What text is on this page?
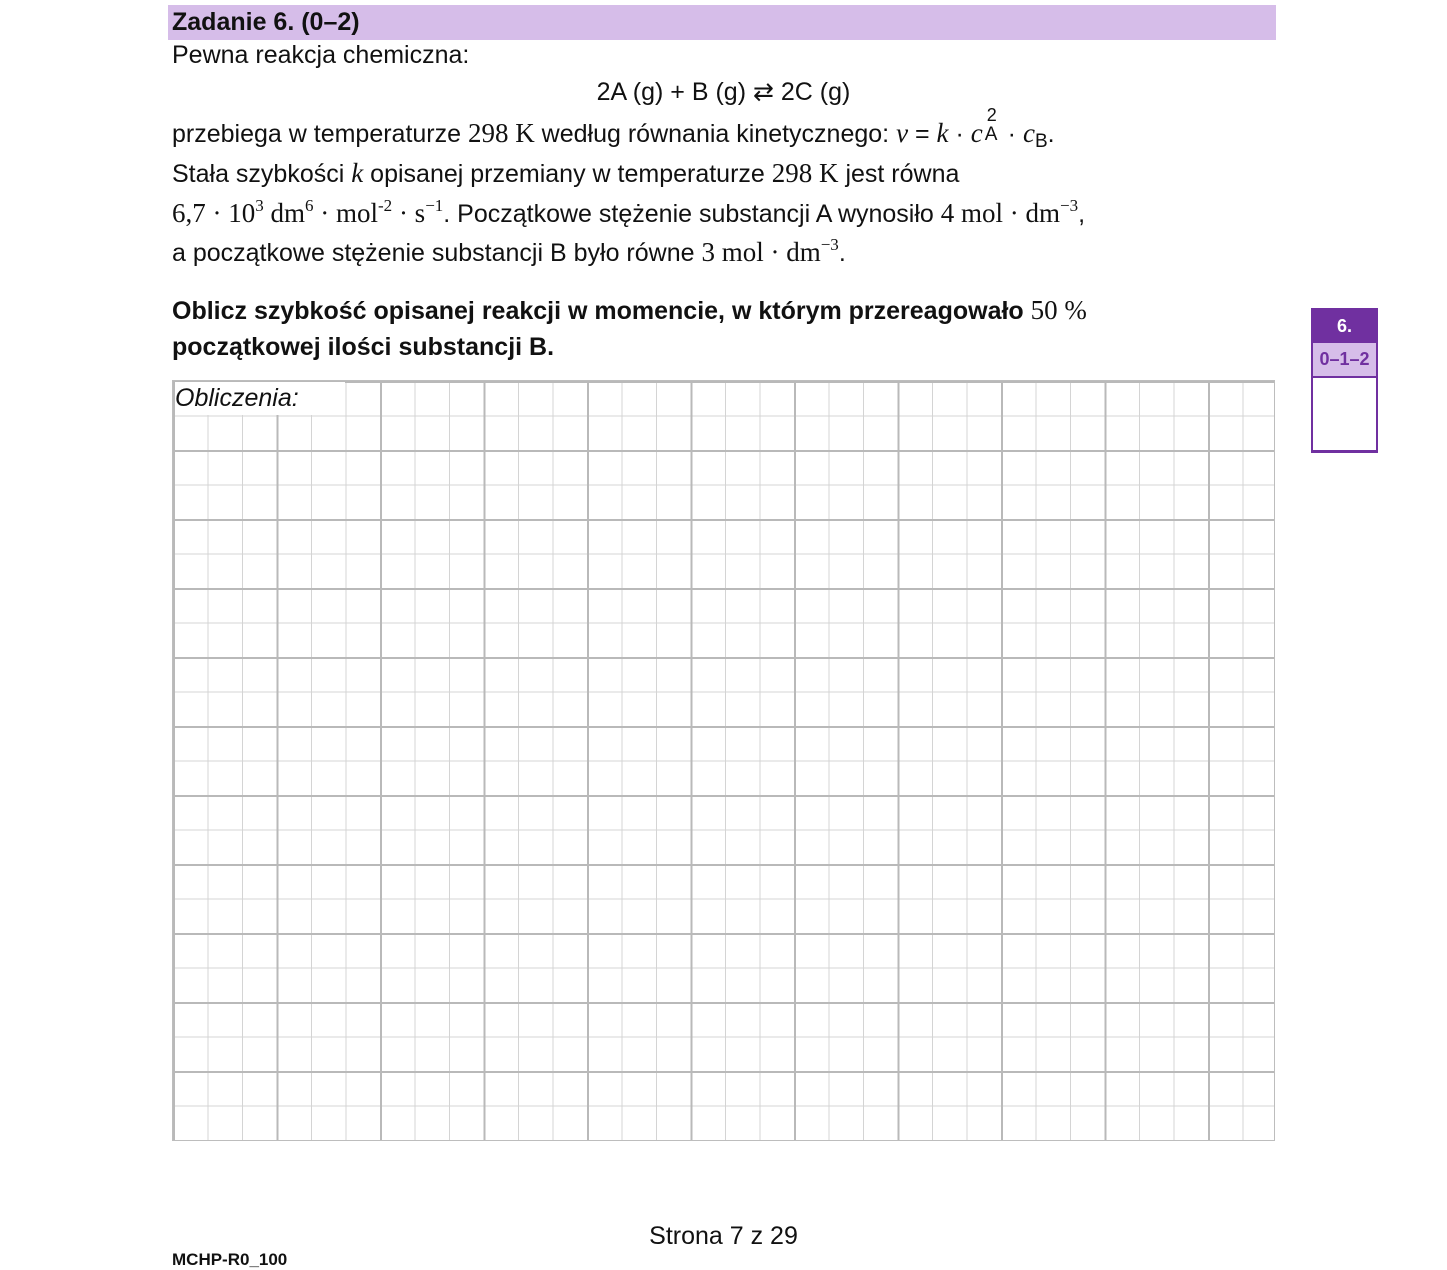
Zadanie 6. (0–2)
Pewna reakcja chemiczna:
2A (g) + B (g) ⇄ 2C (g)
przebiega w temperaturze 298 K według równania kinetycznego: v = k · c
2
$A \cdot c_B$.
Stała szybkości k opisanej przemiany w temperaturze 298 K jest równa
$6,7 \cdot 10^3$ $dm^6 \cdot mol^{-2} \cdot s^{-1}$. Początkowe stężenie substancji A wynosiło 4 mol · $dm^{-3}$,
a początkowe stężenie substancji B było równe 3 mol · $dm^{-3}$.
Oblicz szybkość opisanej reakcji w momencie, w którym przereagowało 50 %
początkowej ilości substancji B.
Obliczenia:
6.
0–1–2
Strona 7 z 29
MCHP-R0_100
